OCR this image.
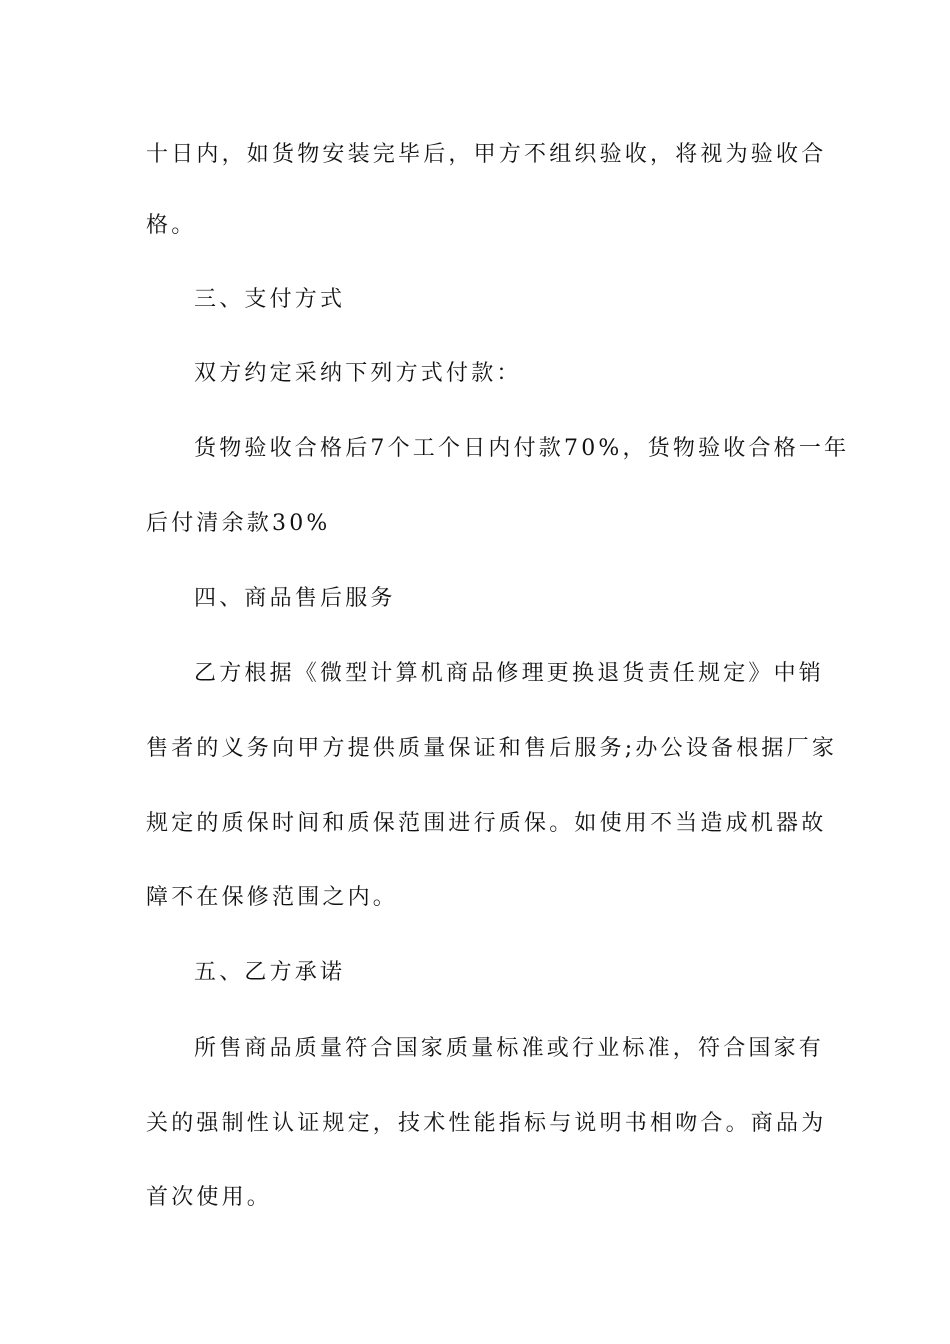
十日内，如货物安装完毕后，甲方不组织验收，将视为验收合
格。
三、支付方式
双方约定采纳下列方式付款：
货物验收合格后7个工个日内付款70%，货物验收合格一年
后付清余款30%
四、商品售后服务
乙方根据《微型计算机商品修理更换退货责任规定》中销
售者的义务向甲方提供质量保证和售后服务;办公设备根据厂家
规定的质保时间和质保范围进行质保。如使用不当造成机器故
障不在保修范围之内。
五、乙方承诺
所售商品质量符合国家质量标准或行业标准，符合国家有
关的强制性认证规定，技术性能指标与说明书相吻合。商品为
首次使用。
